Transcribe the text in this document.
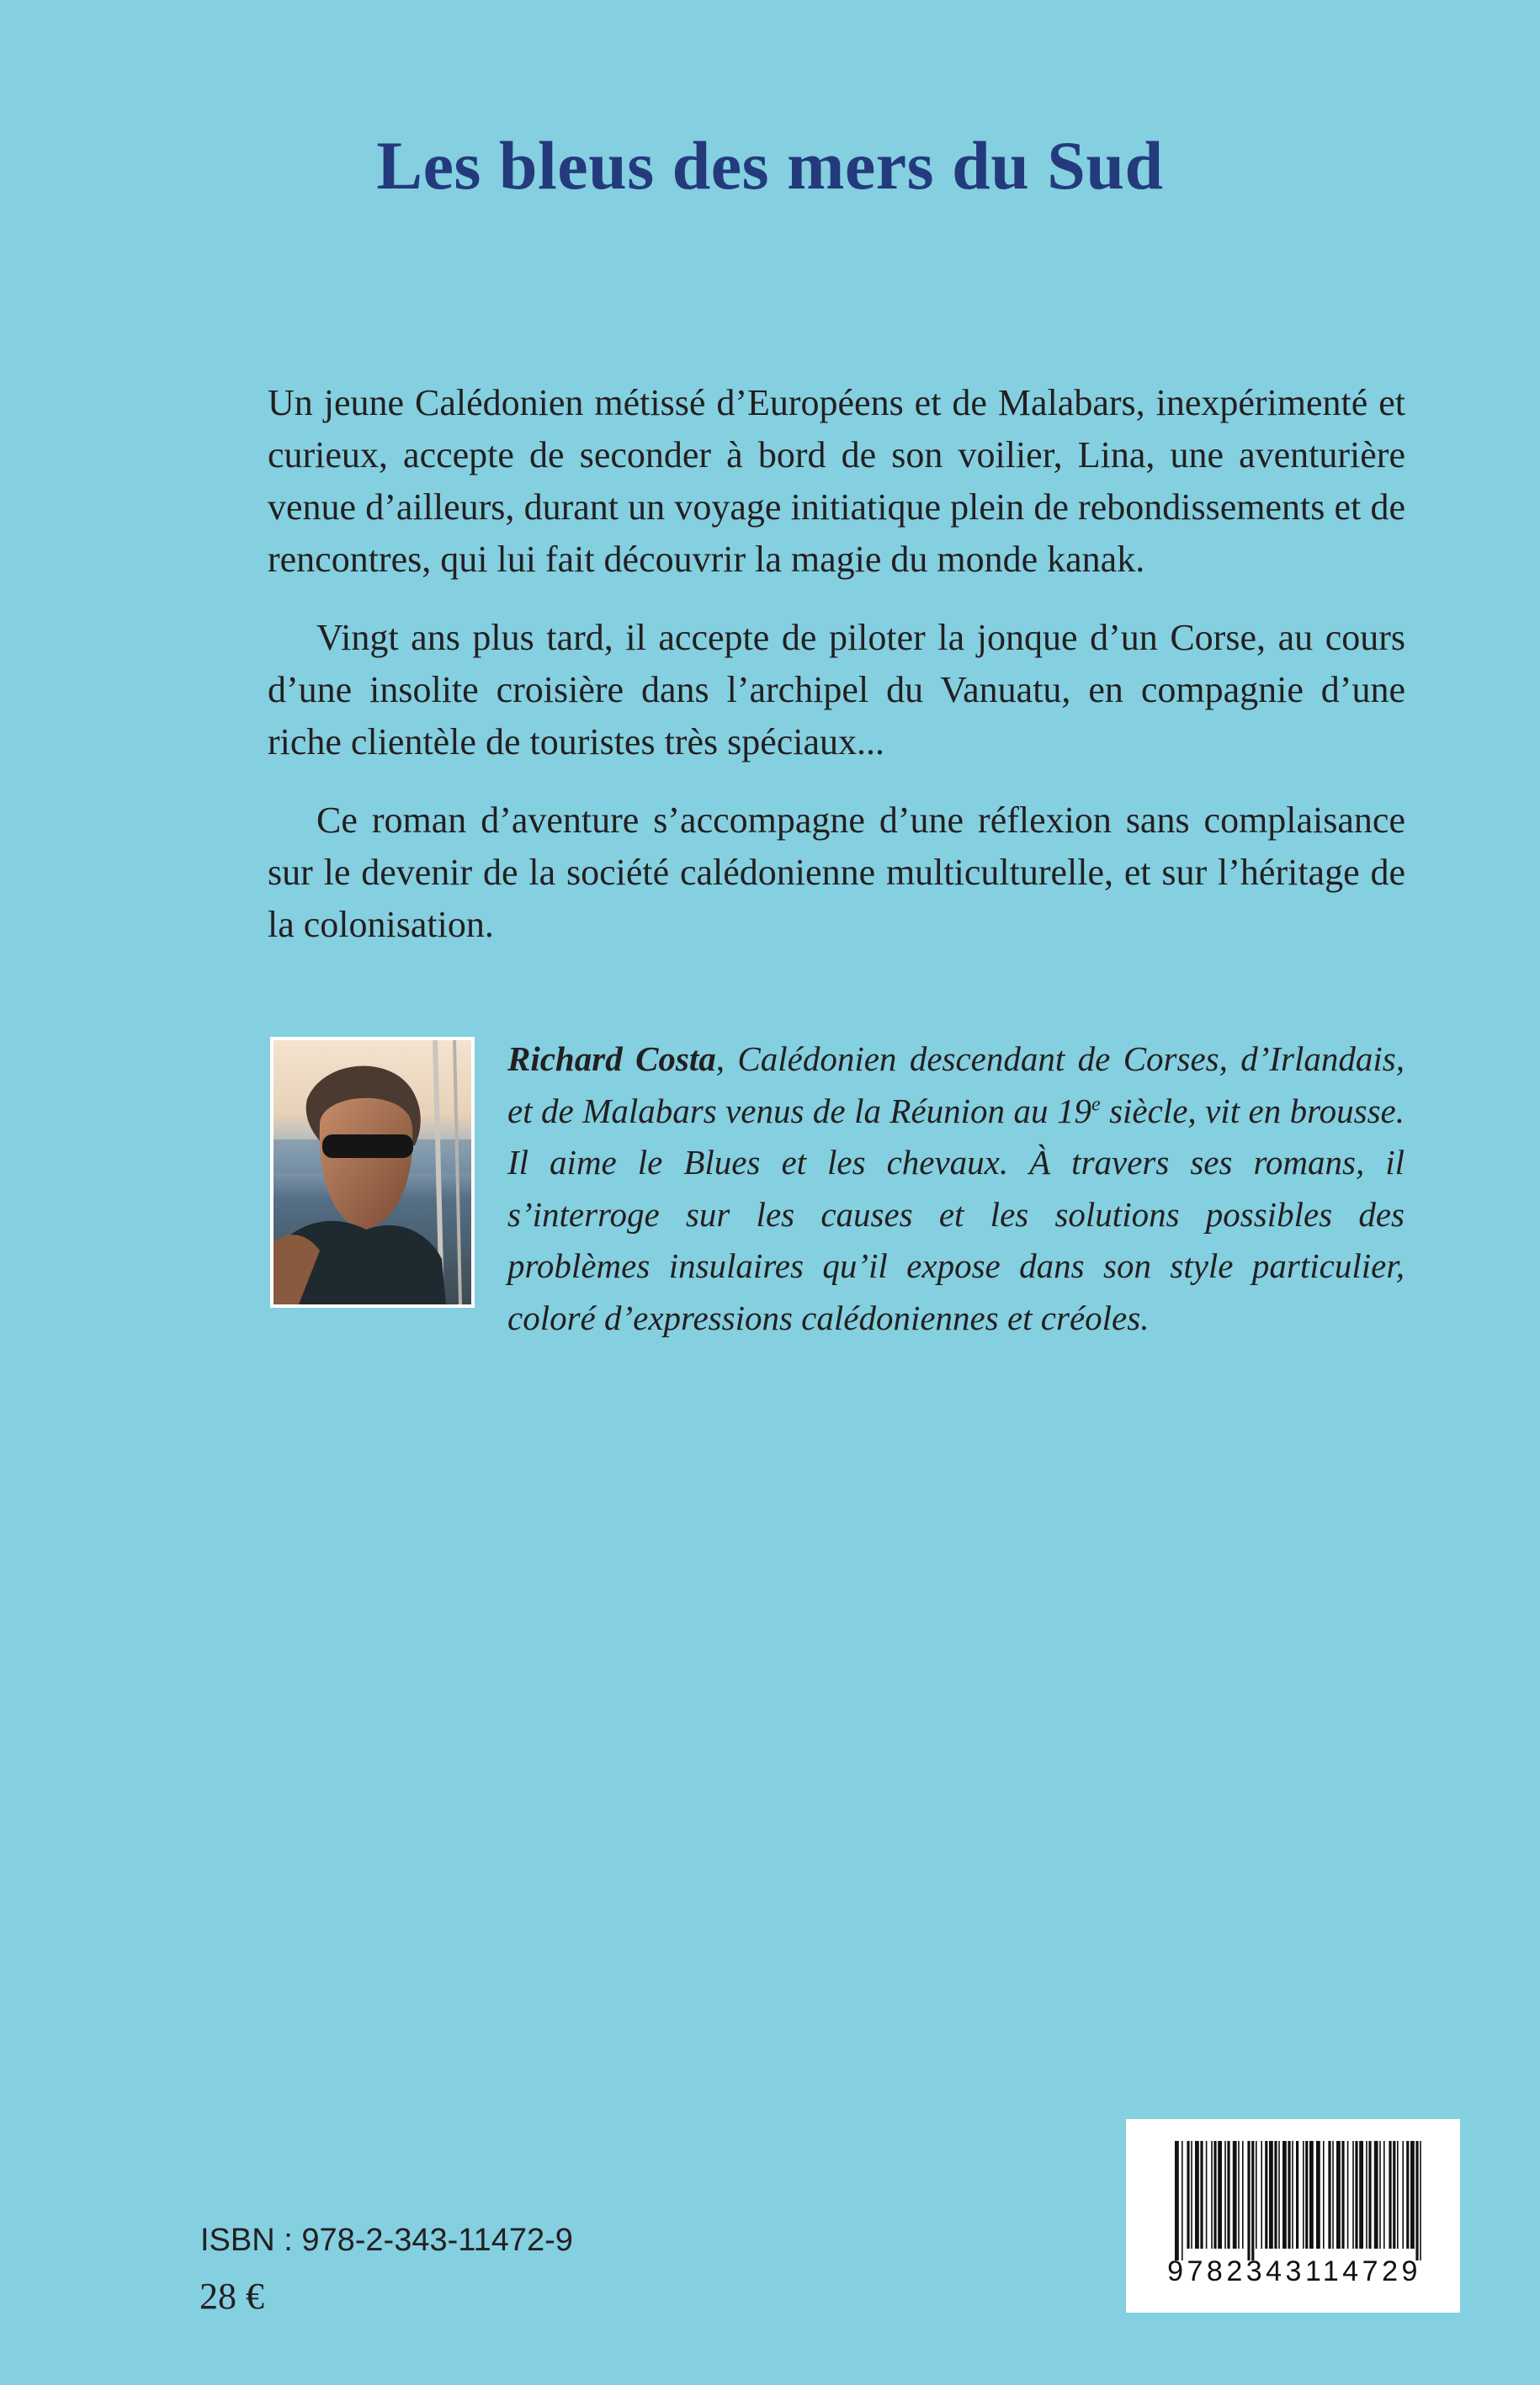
Les bleus des mers du Sud

Un jeune Calédonien métissé d’Européens et de Malabars, inexpérimenté et curieux, accepte de seconder à bord de son voilier, Lina, une aventurière venue d’ailleurs, durant un voyage initiatique plein de rebondissements et de rencontres, qui lui fait découvrir la magie du monde kanak.

Vingt ans plus tard, il accepte de piloter la jonque d’un Corse, au cours d’une insolite croisière dans l’archipel du Vanuatu, en compagnie d’une riche clientèle de touristes très spéciaux...

Ce roman d’aventure s’accompagne d’une réflexion sans complaisance sur le devenir de la société calédonienne multiculturelle, et sur l’héritage de la colonisation.

Richard Costa, Calédonien descendant de Corses, d’Irlandais, et de Malabars venus de la Réunion au 19e siècle, vit en brousse. Il aime le Blues et les chevaux. À travers ses romans, il s’interroge sur les causes et les solutions possibles des problèmes insulaires qu’il expose dans son style particulier, coloré d’expressions calédoniennes et créoles.
ISBN : 978-2-343-11472-9
28 €
9782343114729
